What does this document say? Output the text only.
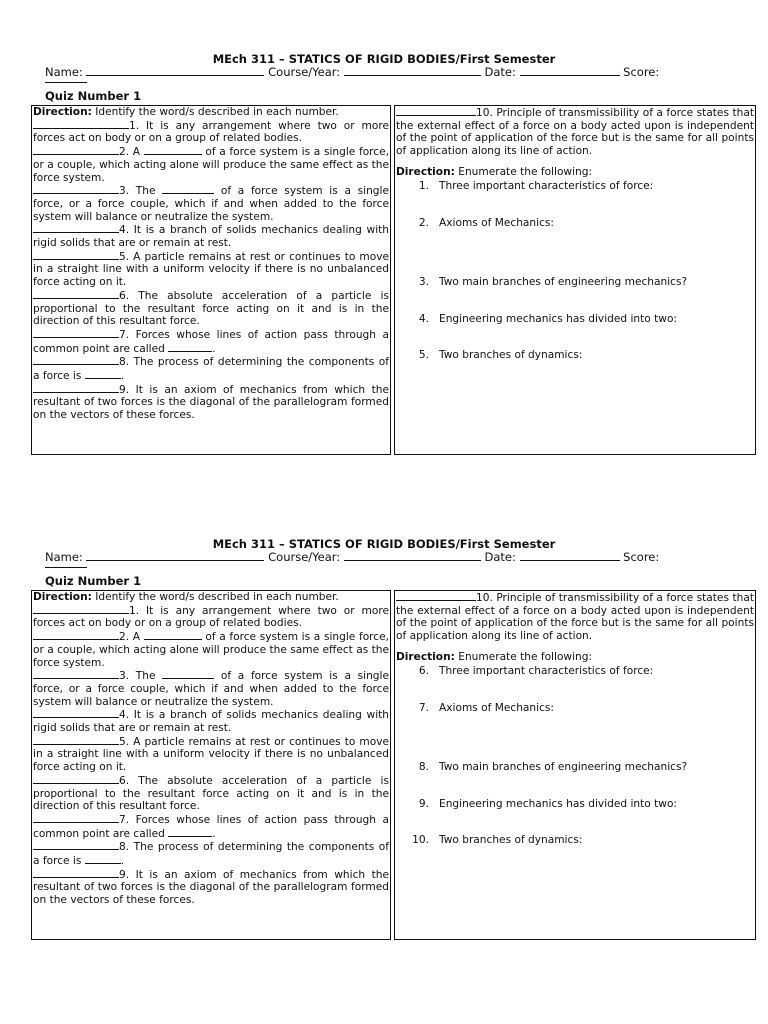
MEch 311 – STATICS OF RIGID BODIES/First Semester
Name:	Course/Year:	Date:	Score:
Quiz Number 1

Direction: Identify the word/s described in each number.

1. It is any arrangement where two or more forces act on body or on a group of related bodies.

2. A	of a force system is a single force, or a couple, which acting alone will produce the same effect as the force system.

3. The	of a force system is a single force, or a force couple, which if and when added to the force system will balance or neutralize the system.

4. It is a branch of solids mechanics dealing with rigid solids that are or remain at rest.

5. A particle remains at rest or continues to move in a straight line with a uniform velocity if there is no unbalanced force acting on it.

6. The absolute acceleration of a particle is proportional to the resultant force acting on it and is in the direction of this resultant force.

7. Forces whose lines of action pass through a common point are called	.

8. The process of determining the components of a force is	.

9. It is an axiom of mechanics from which the resultant of two forces is the diagonal of the parallelogram formed on the vectors of these forces.

10. Principle of transmissibility of a force states that the external effect of a force on a body acted upon is independent of the point of application of the force but is the same for all points of application along its line of action.

Direction: Enumerate the following:
1. Three important characteristics of force:
2. Axioms of Mechanics:
3. Two main branches of engineering mechanics?
4. Engineering mechanics has divided into two:
5. Two branches of dynamics:
MEch 311 – STATICS OF RIGID BODIES/First Semester
Name:	Course/Year:	Date:	Score:
Quiz Number 1

Direction: Identify the word/s described in each number.

1. It is any arrangement where two or more forces act on body or on a group of related bodies.

2. A	of a force system is a single force, or a couple, which acting alone will produce the same effect as the force system.

3. The	of a force system is a single force, or a force couple, which if and when added to the force system will balance or neutralize the system.

4. It is a branch of solids mechanics dealing with rigid solids that are or remain at rest.

5. A particle remains at rest or continues to move in a straight line with a uniform velocity if there is no unbalanced force acting on it.

6. The absolute acceleration of a particle is proportional to the resultant force acting on it and is in the direction of this resultant force.

7. Forces whose lines of action pass through a common point are called	.

8. The process of determining the components of a force is	.

9. It is an axiom of mechanics from which the resultant of two forces is the diagonal of the parallelogram formed on the vectors of these forces.

10. Principle of transmissibility of a force states that the external effect of a force on a body acted upon is independent of the point of application of the force but is the same for all points of application along its line of action.

Direction: Enumerate the following:
6. Three important characteristics of force:
7. Axioms of Mechanics:
8. Two main branches of engineering mechanics?
9. Engineering mechanics has divided into two:
10. Two branches of dynamics:
